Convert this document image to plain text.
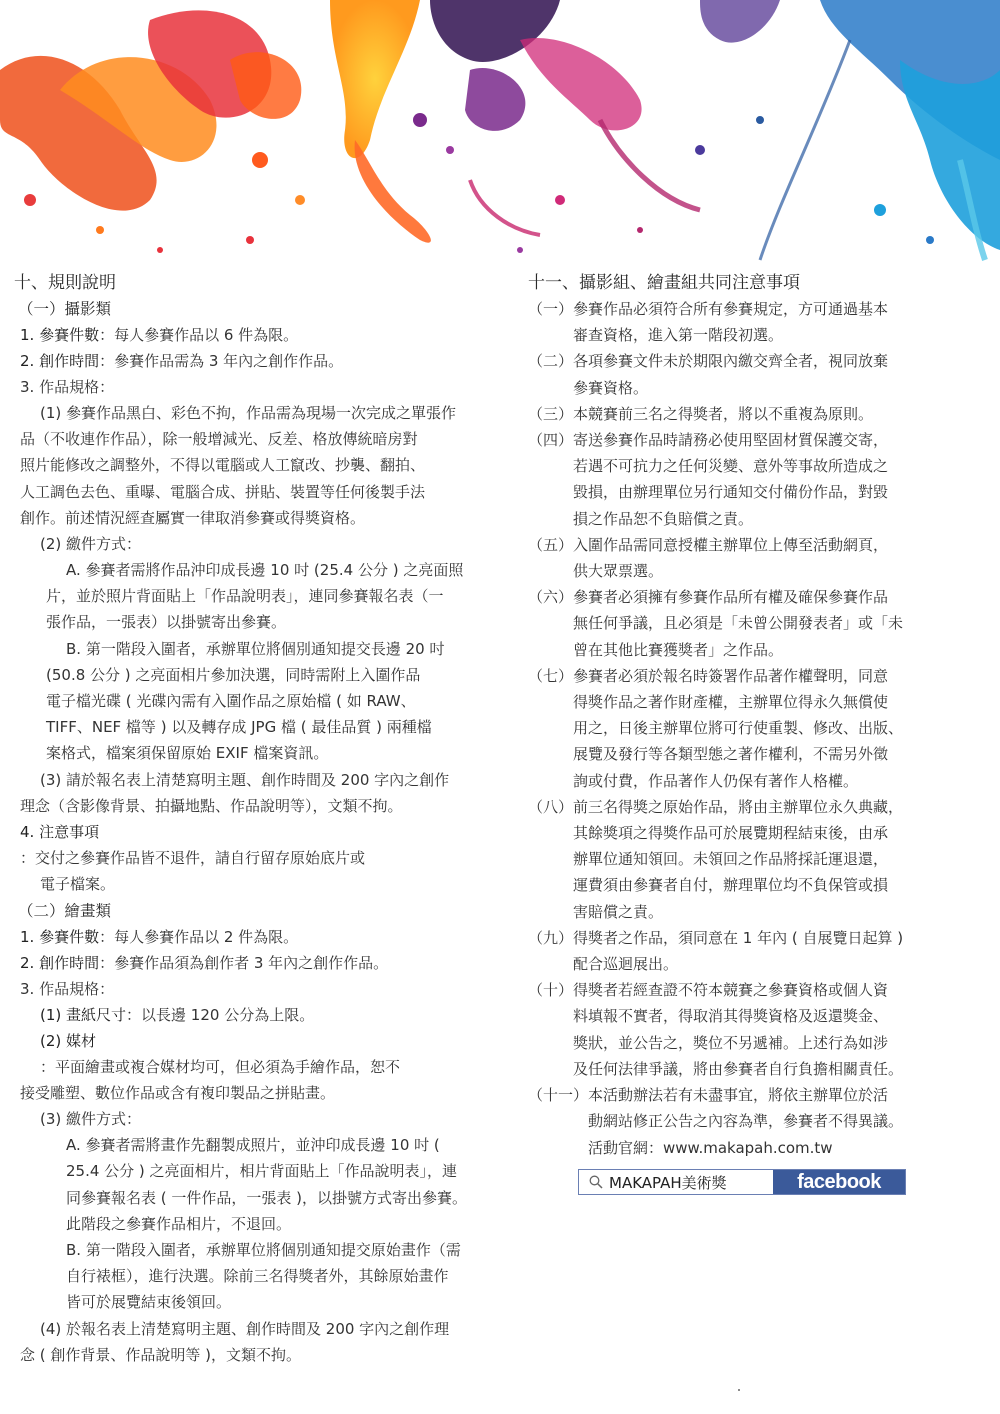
十、規則說明
（一）攝影類
1. 參賽件數：每人參賽作品以 6 件為限。
2. 創作時間：參賽作品需為 3 年內之創作作品。
3. 作品規格：
(1) 參賽作品黑白、彩色不拘，作品需為現場一次完成之單張作
品（不收連作作品），除一般增減光、反差、格放傳統暗房對
照片能修改之調整外，不得以電腦或人工竄改、抄襲、翻拍、
人工調色去色、重曝、電腦合成、拼貼、裝置等任何後製手法
創作。前述情況經查屬實一律取消參賽或得獎資格。
(2) 繳件方式：
A. 參賽者需將作品沖印成長邊 10 吋 (25.4 公分 ) 之亮面照
片，並於照片背面貼上「作品說明表」，連同參賽報名表（一
張作品，一張表）以掛號寄出參賽。
B. 第一階段入圍者，承辦單位將個別通知提交長邊 20 吋
(50.8 公分 ) 之亮面相片參加決選，同時需附上入圍作品
電子檔光碟 ( 光碟內需有入圍作品之原始檔 ( 如 RAW、
TIFF、NEF 檔等 ) 以及轉存成 JPG 檔 ( 最佳品質 ) 兩種檔
案格式，檔案須保留原始 EXIF 檔案資訊。
(3) 請於報名表上清楚寫明主題、創作時間及 200 字內之創作
理念（含影像背景、拍攝地點、作品說明等），文類不拘。
4. 注意事項
：交付之參賽作品皆不退件，請自行留存原始底片或
電子檔案。
（二）繪畫類
1. 參賽件數：每人參賽作品以 2 件為限。
2. 創作時間：參賽作品須為創作者 3 年內之創作作品。
3. 作品規格：
(1) 畫紙尺寸：以長邊 120 公分為上限。
(2) 媒材
：平面繪畫或複合媒材均可，但必須為手繪作品，恕不
接受雕塑、數位作品或含有複印製品之拼貼畫。
(3) 繳件方式：
A. 參賽者需將畫作先翻製成照片，並沖印成長邊 10 吋 (
25.4 公分 ) 之亮面相片，相片背面貼上「作品說明表」，連
同參賽報名表 ( 一件作品，一張表 )，以掛號方式寄出參賽。
此階段之參賽作品相片，不退回。
B. 第一階段入圍者，承辦單位將個別通知提交原始畫作（需
自行裱框），進行決選。除前三名得獎者外，其餘原始畫作
皆可於展覽結束後領回。
(4) 於報名表上清楚寫明主題、創作時間及 200 字內之創作理
念 ( 創作背景、作品說明等 )，文類不拘。
十一、攝影組、繪畫組共同注意事項
（一） 參賽作品必須符合所有參賽規定，方可通過基本
審查資格，進入第一階段初選。
（二） 各項參賽文件未於期限內繳交齊全者，視同放棄
參賽資格。
（三） 本競賽前三名之得獎者，將以不重複為原則。
（四） 寄送參賽作品時請務必使用堅固材質保護交寄，
若遇不可抗力之任何災變、意外等事故所造成之
毀損，由辦理單位另行通知交付備份作品，對毀
損之作品恕不負賠償之責。
（五） 入圍作品需同意授權主辦單位上傳至活動網頁，
供大眾票選。
（六） 參賽者必須擁有參賽作品所有權及確保參賽作品
無任何爭議，且必須是「未曾公開發表者」或「未
曾在其他比賽獲獎者」之作品。
（七） 參賽者必須於報名時簽署作品著作權聲明，同意
得獎作品之著作財產權，主辦單位得永久無償使
用之，日後主辦單位將可行使重製、修改、出版、
展覽及發行等各類型態之著作權利，不需另外徵
詢或付費，作品著作人仍保有著作人格權。
（八） 前三名得獎之原始作品，將由主辦單位永久典藏，
其餘獎項之得獎作品可於展覽期程結束後，由承
辦單位通知領回。未領回之作品將採託運退還，
運費須由參賽者自付，辦理單位均不負保管或損
害賠償之責。
（九） 得獎者之作品，須同意在 1 年內 ( 自展覽日起算 )
配合巡迴展出。
（十） 得獎者若經查證不符本競賽之參賽資格或個人資
料填報不實者，得取消其得獎資格及返還獎金、
獎狀，並公告之，獎位不另遞補。上述行為如涉
及任何法律爭議，將由參賽者自行負擔相關責任。
（十一） 本活動辦法若有未盡事宜，將依主辦單位於活
動網站修正公告之內容為準，參賽者不得異議。
活動官網：www.makapah.com.tw
MAKAPAH美術獎	facebook
